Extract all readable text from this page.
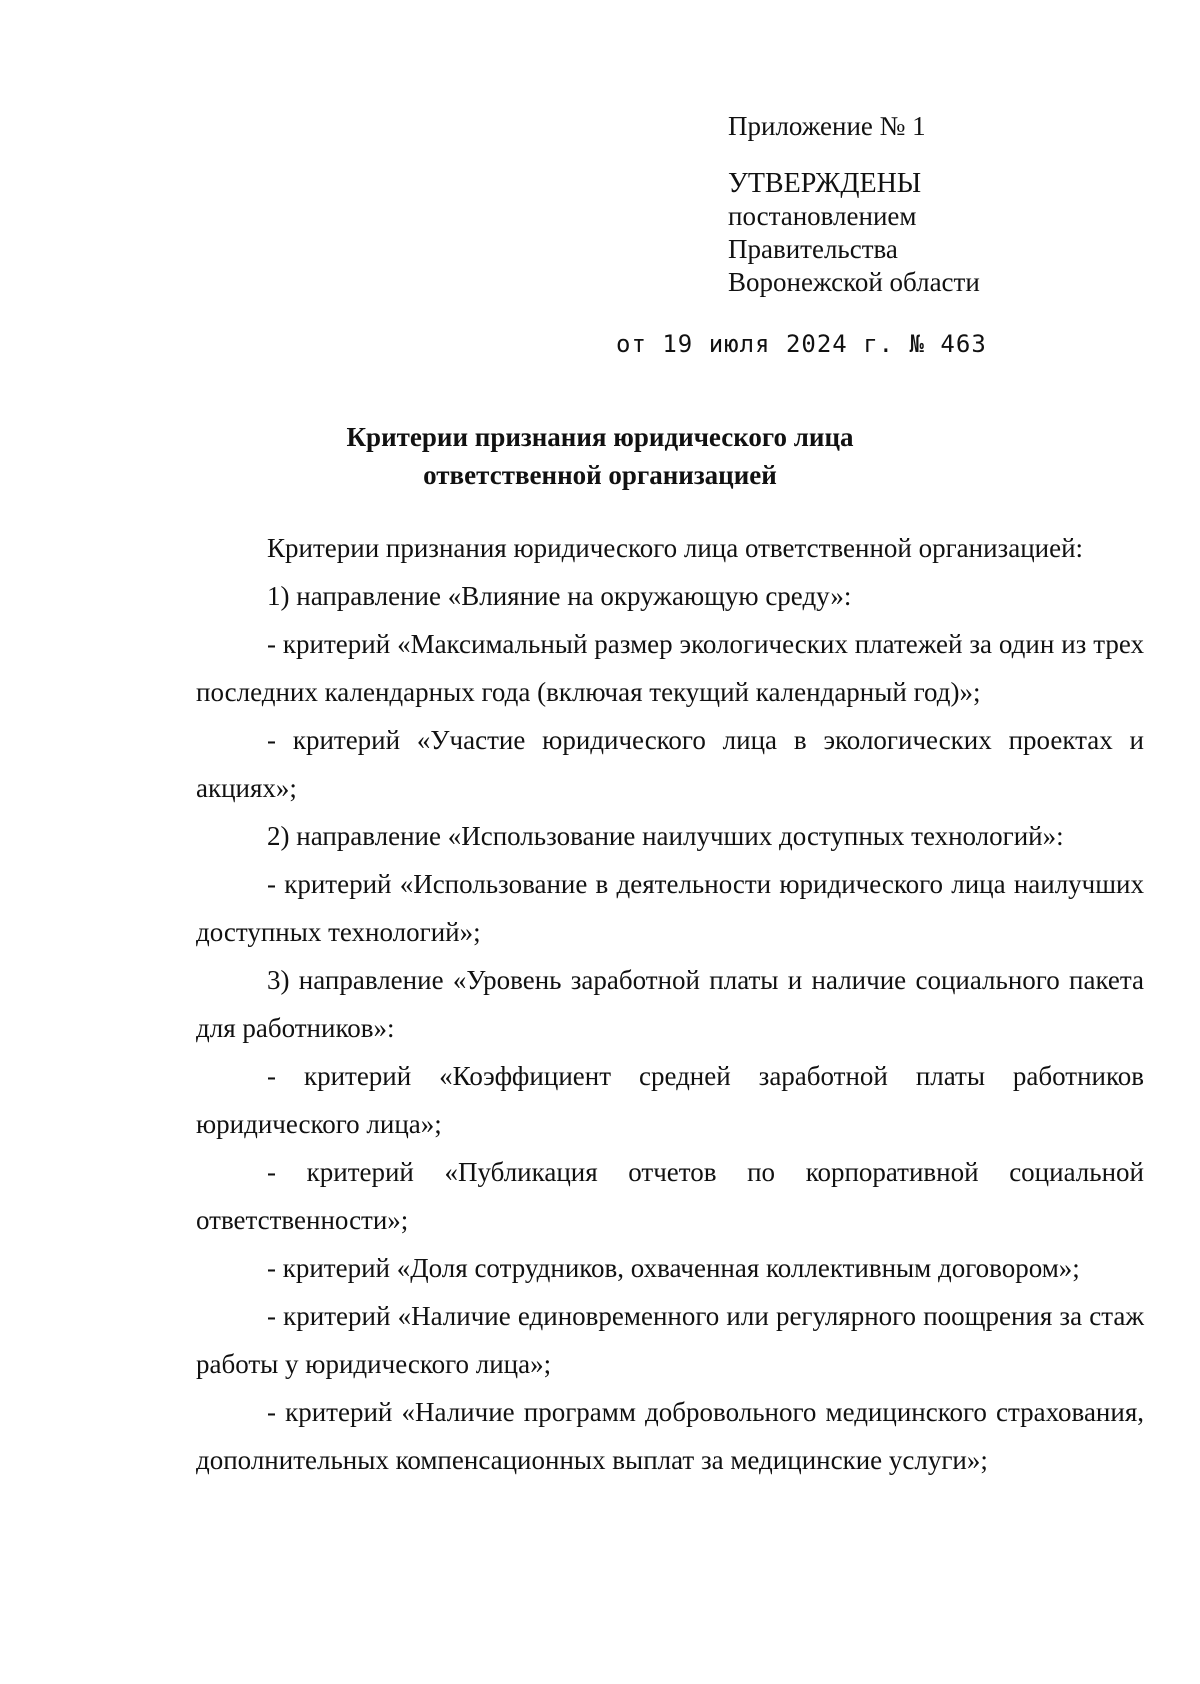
Приложение № 1

УТВЕРЖДЕНЫ

постановлением

Правительства

Воронежской области

от 19 июля 2024 г. № 463
Критерии признания юридического лица
ответственной организацией

Критерии признания юридического лица ответственной организацией:

1) направление «Влияние на окружающую среду»:

- критерий «Максимальный размер экологических платежей за один из трех последних календарных года (включая текущий календарный год)»;

- критерий «Участие юридического лица в экологических проектах и акциях»;

2) направление «Использование наилучших доступных технологий»:

- критерий «Использование в деятельности юридического лица наилучших доступных технологий»;

3) направление «Уровень заработной платы и наличие социального пакета для работников»:

- критерий «Коэффициент средней заработной платы работников юридического лица»;

- критерий «Публикация отчетов по корпоративной социальной ответственности»;

- критерий «Доля сотрудников, охваченная коллективным договором»;

- критерий «Наличие единовременного или регулярного поощрения за стаж работы у юридического лица»;

- критерий «Наличие программ добровольного медицинского страхования, дополнительных компенсационных выплат за медицинские услуги»;
